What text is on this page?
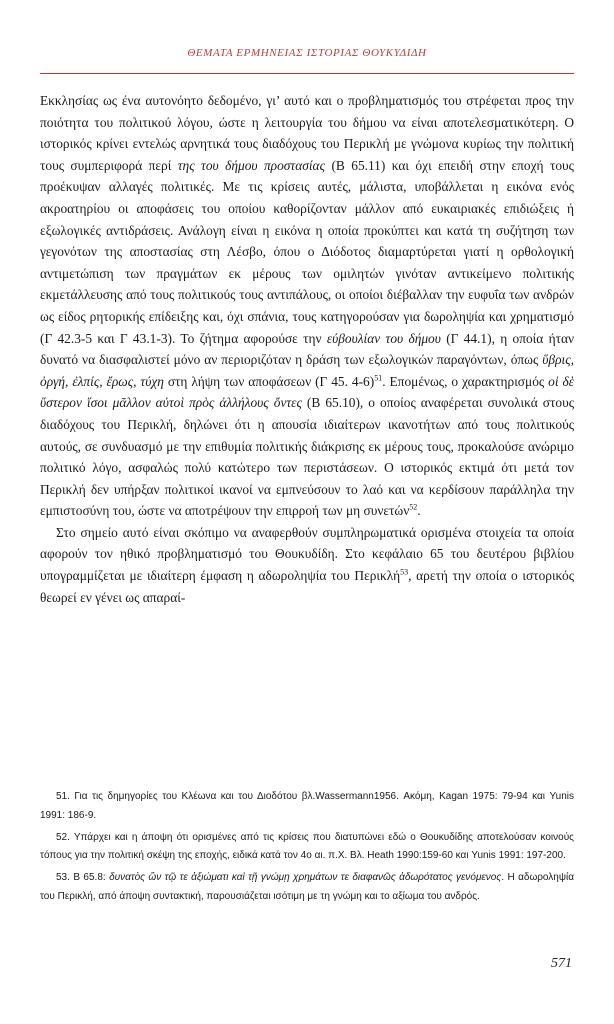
ΘΕΜΑΤΑ ΕΡΜΗΝΕΙΑΣ ΙΣΤΟΡΙΑΣ ΘΟΥΚΥΔΙΔΗ

Εκκλησίας ως ένα αυτονόητο δεδομένο, γι’ αυτό και ο προβληματισμός του στρέφεται προς την ποιότητα του πολιτικού λόγου, ώστε η λειτουργία του δήμου να είναι αποτελεσματικότερη. Ο ιστορικός κρίνει εντελώς αρνητικά τους διαδόχους του Περικλή με γνώμονα κυρίως την πολιτική τους συμπεριφορά περί της του δήμου προστασίας (Β 65.11) και όχι επειδή στην εποχή τους προέκυψαν αλλαγές πολιτικές. Με τις κρίσεις αυτές, μάλιστα, υποβάλλεται η εικόνα ενός ακροατηρίου οι αποφάσεις του οποίου καθορίζονταν μάλλον από ευκαιριακές επιδιώξεις ή εξωλογικές αντιδράσεις. Ανάλογη είναι η εικόνα η οποία προκύπτει και κατά τη συζήτηση των γεγονότων της αποστασίας στη Λέσβο, όπου ο Διόδοτος διαμαρτύρεται γιατί η ορθολογική αντιμετώπιση των πραγμάτων εκ μέρους των ομιλητών γινόταν αντικείμενο πολιτικής εκμετάλλευσης από τους πολιτικούς τους αντιπάλους, οι οποίοι διέβαλλαν την ευφυΐα των ανδρών ως είδος ρητορικής επίδειξης και, όχι σπάνια, τους κατηγορούσαν για δωροληψία και χρηματισμό (Γ 42.3-5 και Γ 43.1-3). Το ζήτημα αφορούσε την εύβουλίαν του δήμου (Γ 44.1), η οποία ήταν δυνατό να διασφαλιστεί μόνο αν περιοριζόταν η δράση των εξωλογικών παραγόντων, όπως ὕβρις, ὀργή, ἐλπίς, ἔρως, τύχη στη λήψη των αποφάσεων (Γ 45. 4-6)$^{51}$. Επομένως, ο χαρακτηρισμός οἱ δὲ ὕστερον ἴσοι μᾶλλον αὐτοὶ πρὸς ἀλλήλους ὄντες (Β 65.10), ο οποίος αναφέρεται συνολικά στους διαδόχους του Περικλή, δηλώνει ότι η απουσία ιδιαίτερων ικανοτήτων από τους πολιτικούς αυτούς, σε συνδυασμό με την επιθυμία πολιτικής διάκρισης εκ μέρους τους, προκαλούσε ανώριμο πολιτικό λόγο, ασφαλώς πολύ κατώτερο των περιστάσεων. Ο ιστορικός εκτιμά ότι μετά τον Περικλή δεν υπήρξαν πολιτικοί ικανοί να εμπνεύσουν το λαό και να κερδίσουν παράλληλα την εμπιστοσύνη του, ώστε να αποτρέψουν την επιρροή των μη συνετών$^{52}$.

Στο σημείο αυτό είναι σκόπιμο να αναφερθούν συμπληρωματικά ορισμένα στοιχεία τα οποία αφορούν τον ηθικό προβληματισμό του Θουκυδίδη. Στο κεφάλαιο 65 του δευτέρου βιβλίου υπογραμμίζεται με ιδιαίτερη έμφαση η αδωροληψία του Περικλή$^{53}$, αρετή την οποία ο ιστορικός θεωρεί εν γένει ως απαραί-

51. Για τις δημηγορίες του Κλέωνα και του Διοδότου βλ.Wassermann1956. Ακόμη, Kagan 1975: 79-94 και Yunis 1991: 186-9.

52. Υπάρχει και η άποψη ότι ορισμένες από τις κρίσεις που διατυπώνει εδώ ο Θουκυδίδης αποτελούσαν κοινούς τόπους για την πολιτική σκέψη της εποχής, ειδικά κατά τον 4ο αι. π.Χ. Βλ. Heath 1990:159-60 και Yunis 1991: 197-200.

53. Β 65.8: δυνατὸς ὢν τῷ τε ἀξιώματι καὶ τῇ γνώμῃ χρημάτων τε διαφανῶς ἀδωρότατος γενόμενος. Η αδωροληψία του Περικλή, από άποψη συντακτική, παρουσιάζεται ισότιμη με τη γνώμη και το αξίωμα του ανδρός.

571
